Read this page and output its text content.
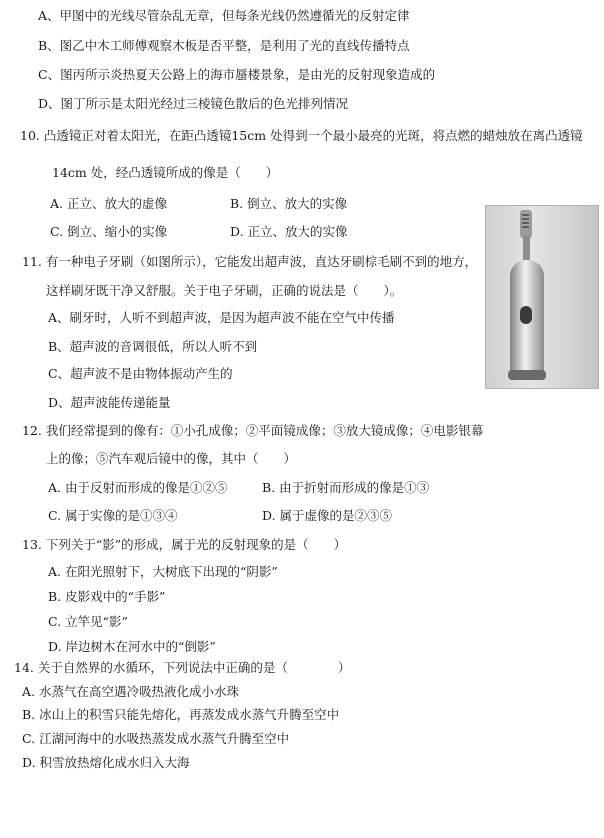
A、甲图中的光线尽管杂乱无章，但每条光线仍然遵循光的反射定律
B、图乙中木工师傅观察木板是否平整，是利用了光的直线传播特点
C、图丙所示炎热夏天公路上的海市蜃楼景象，是由光的反射现象造成的
D、图丁所示是太阳光经过三棱镜色散后的色光排列情况
10. 凸透镜正对着太阳光，在距凸透镜15cm 处得到一个最小最亮的光斑，将点燃的蜡烛放在离凸透镜
14cm 处，经凸透镜所成的像是（　　）
A. 正立、放大的虚像	B. 倒立、放大的实像
C. 倒立、缩小的实像	D. 正立、放大的实像
11. 有一种电子牙刷（如图所示），它能发出超声波，直达牙刷棕毛刷不到的地方，
这样刷牙既干净又舒服。关于电子牙刷，正确的说法是（　　）。
A、刷牙时，人听不到超声波，是因为超声波不能在空气中传播
B、超声波的音调很低，所以人听不到
C、超声波不是由物体振动产生的
D、超声波能传递能量
12. 我们经常提到的像有：①小孔成像；②平面镜成像；③放大镜成像；④电影银幕
上的像；⑤汽车观后镜中的像，其中（　　）
A. 由于反射而形成的像是①②⑤	B. 由于折射而形成的像是①③
C. 属于实像的是①③④	D. 属于虚像的是②③⑤
13. 下列关于“影”的形成，属于光的反射现象的是（　　）
A. 在阳光照射下，大树底下出现的“阴影”
B. 皮影戏中的“手影”
C. 立竿见“影”
D. 岸边树木在河水中的“倒影”
14. 关于自然界的水循环，下列说法中正确的是（　　　　）
A. 水蒸气在高空遇冷吸热液化成小水珠
B. 冰山上的积雪只能先熔化，再蒸发成水蒸气升腾至空中
C. 江湖河海中的水吸热蒸发成水蒸气升腾至空中
D. 积雪放热熔化成水归入大海
